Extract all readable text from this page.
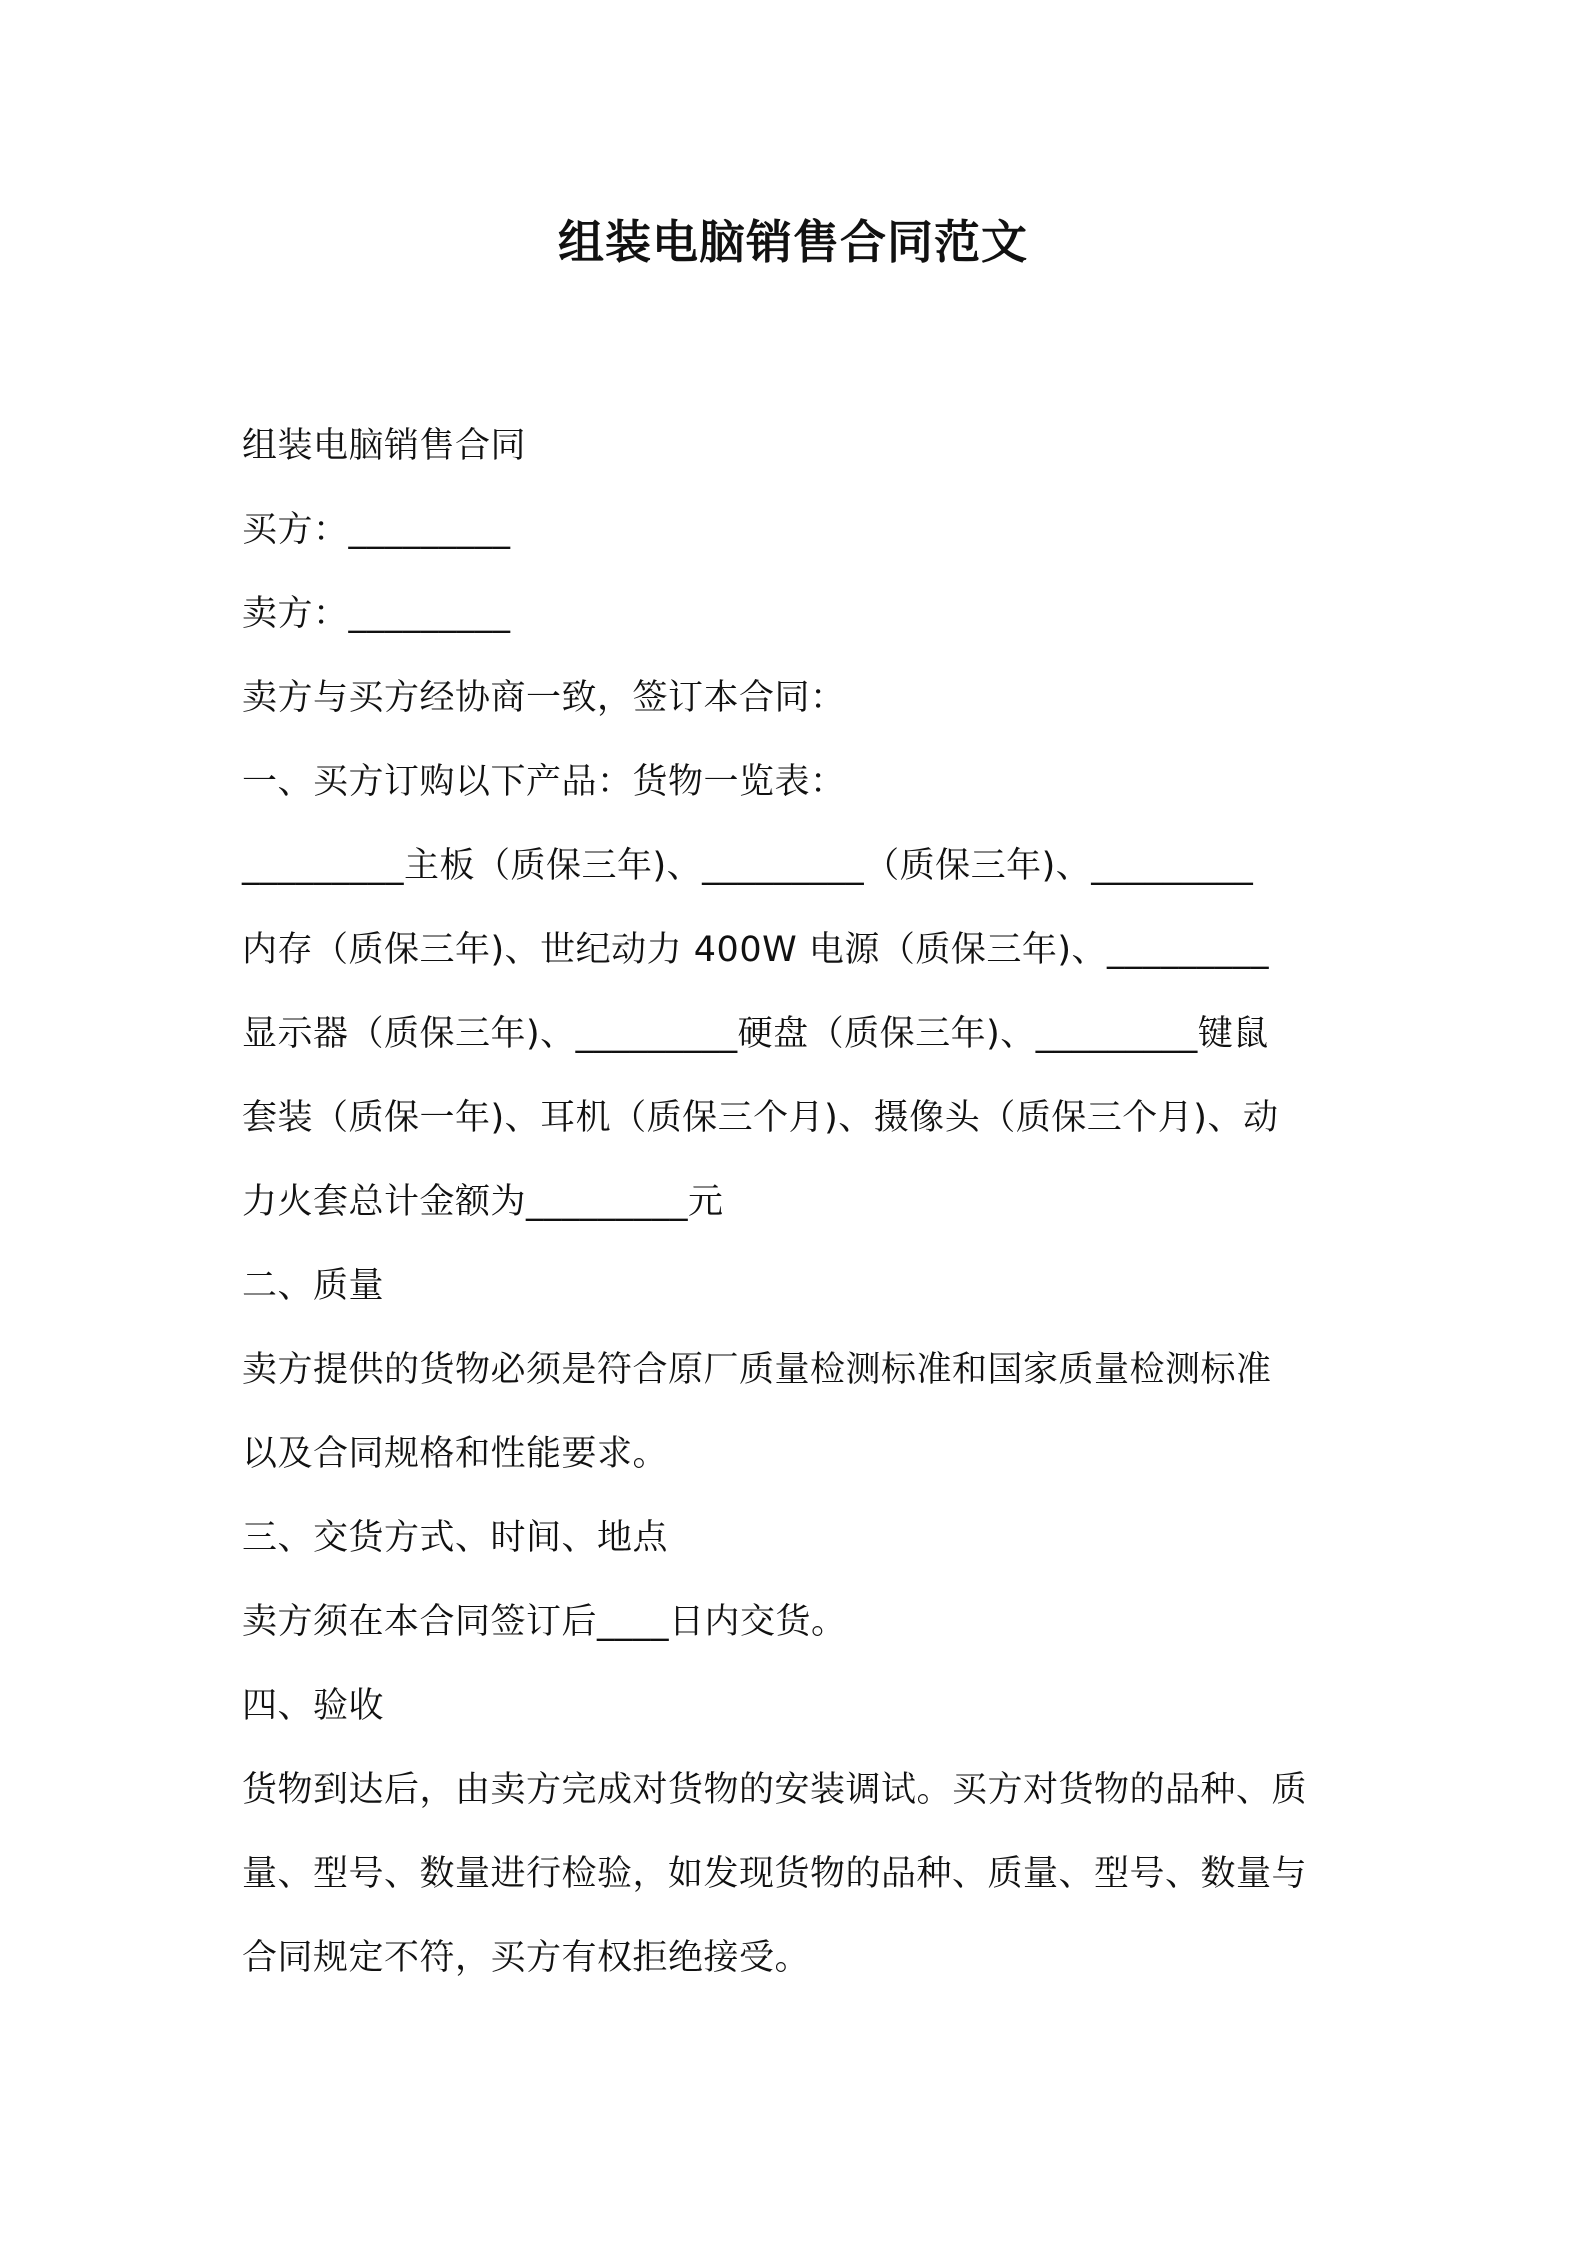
组装电脑销售合同范文

组装电脑销售合同

买方：_________

卖方：_________

卖方与买方经协商一致，签订本合同：

一、买方订购以下产品：货物一览表：

_________主板（质保三年)、_________（质保三年)、_________

内存（质保三年)、世纪动力 400W 电源（质保三年)、_________

显示器（质保三年)、_________硬盘（质保三年)、_________键鼠

套装（质保一年)、耳机（质保三个月)、摄像头（质保三个月)、动

力火套总计金额为_________元

二、质量

卖方提供的货物必须是符合原厂质量检测标准和国家质量检测标准

以及合同规格和性能要求。

三、交货方式、时间、地点

卖方须在本合同签订后____日内交货。

四、验收

货物到达后，由卖方完成对货物的安装调试。买方对货物的品种、质

量、型号、数量进行检验，如发现货物的品种、质量、型号、数量与

合同规定不符，买方有权拒绝接受。
